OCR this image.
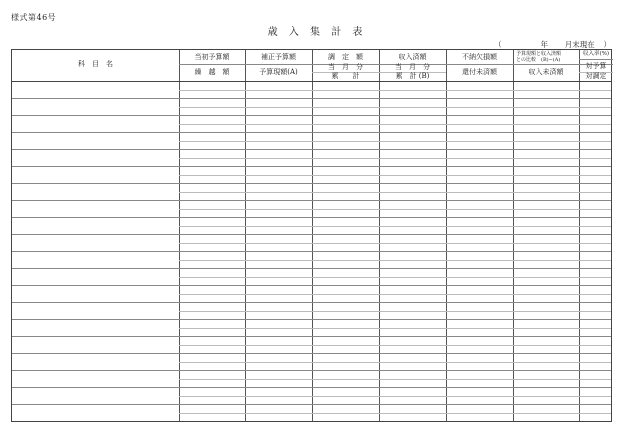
様式第46号
歳 入 集 計 表
（	年 月末現在 ）
科　目　名
当初予算額
繰　越　額
補正予算額
予算現額(A)
調　定　額
当　月　分
累　　計
収入済額
当　月　分
累　計 (B)
不納欠損額
還付未済額
予算現額と収入済額
との比較　(B)−(A)
収入未済額
収入率(%)
対予算
対調定
